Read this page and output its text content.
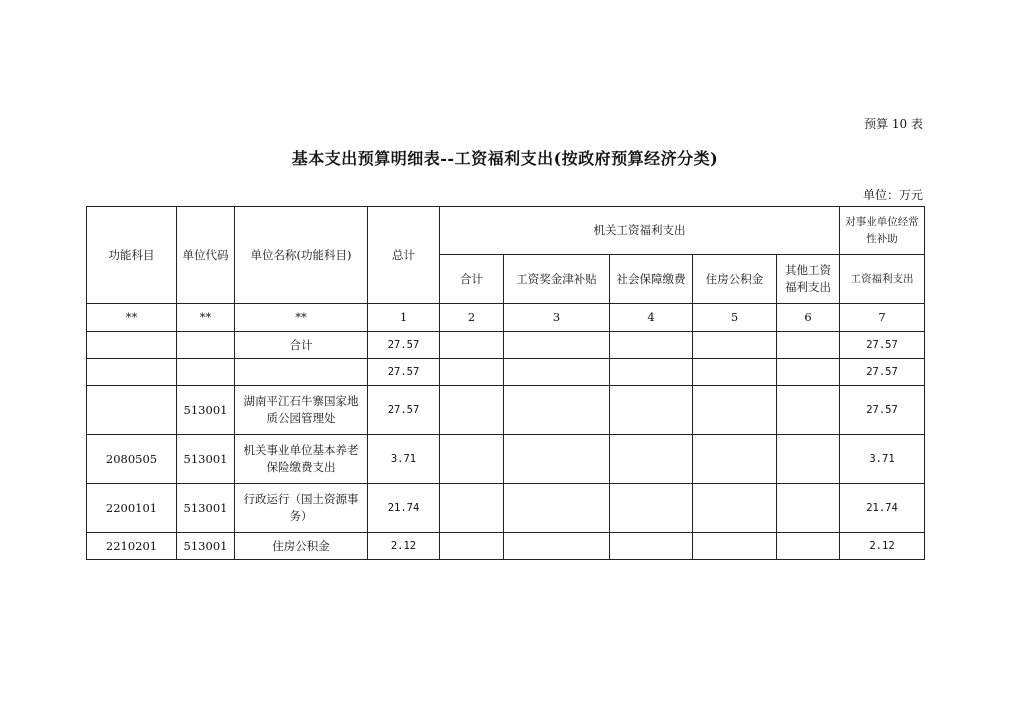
预算 10 表
基本支出预算明细表--工资福利支出(按政府预算经济分类)
单位：万元
功能科目	单位代码	单位名称(功能科目)	总计	机关工资福利支出					对事业单位经常性补助
				合计	工资奖金津补贴	社会保障缴费	住房公积金	其他工资福利支出	工资福利支出
**	**	**	1	2	3	4	5	6	7
		合计	27.57						27.57
			27.57						27.57
	513001	湖南平江石牛寨国家地质公园管理处	27.57						27.57
2080505	513001	机关事业单位基本养老保险缴费支出	3.71						3.71
2200101	513001	行政运行（国土资源事务）	21.74						21.74
2210201	513001	住房公积金	2.12						2.12
